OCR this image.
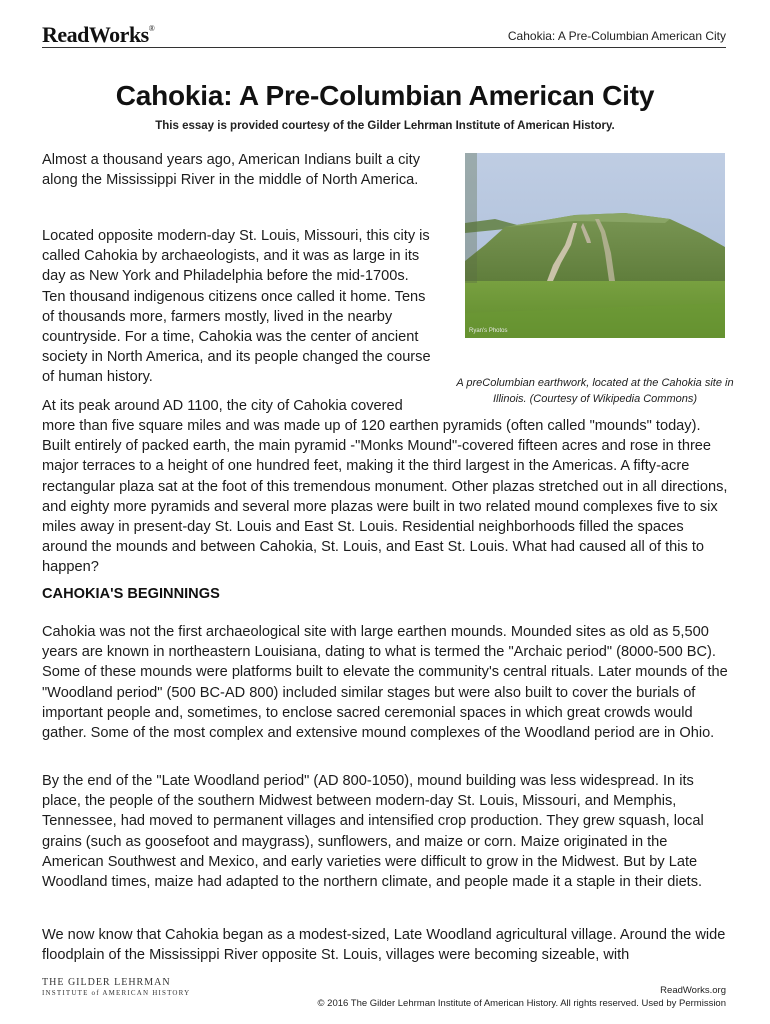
ReadWorks®
Cahokia: A Pre-Columbian American City
Cahokia: A Pre-Columbian American City

This essay is provided courtesy of the Gilder Lehrman Institute of American History.

Ryan's Photos
A preColumbian earthwork, located at the Cahokia site in Illinois. (Courtesy of Wikipedia Commons)

Almost a thousand years ago, American Indians built a city along the Mississippi River in the middle of North America.

Located opposite modern-day St. Louis, Missouri, this city is called Cahokia by archaeologists, and it was as large in its day as New York and Philadelphia before the mid-1700s. Ten thousand indigenous citizens once called it home. Tens of thousands more, farmers mostly, lived in the nearby countryside. For a time, Cahokia was the center of ancient society in North America, and its people changed the course of human history.

At its peak around AD 1100, the city of Cahokia covered

more than five square miles and was made up of 120 earthen pyramids (often called "mounds" today). Built entirely of packed earth, the main pyramid -"Monks Mound"-covered fifteen acres and rose in three major terraces to a height of one hundred feet, making it the third largest in the Americas. A fifty-acre rectangular plaza sat at the foot of this tremendous monument. Other plazas stretched out in all directions, and eighty more pyramids and several more plazas were built in two related mound complexes five to six miles away in present-day St. Louis and East St. Louis. Residential neighborhoods filled the spaces around the mounds and between Cahokia, St. Louis, and East St. Louis. What had caused all of this to happen?

CAHOKIA'S BEGINNINGS

Cahokia was not the first archaeological site with large earthen mounds. Mounded sites as old as 5,500 years are known in northeastern Louisiana, dating to what is termed the "Archaic period" (8000-500 BC). Some of these mounds were platforms built to elevate the community's central rituals. Later mounds of the "Woodland period" (500 BC-AD 800) included similar stages but were also built to cover the burials of important people and, sometimes, to enclose sacred ceremonial spaces in which great crowds would gather. Some of the most complex and extensive mound complexes of the Woodland period are in Ohio.

By the end of the "Late Woodland period" (AD 800-1050), mound building was less widespread. In its place, the people of the southern Midwest between modern-day St. Louis, Missouri, and Memphis, Tennessee, had moved to permanent villages and intensified crop production. They grew squash, local grains (such as goosefoot and maygrass), sunflowers, and maize or corn. Maize originated in the American Southwest and Mexico, and early varieties were difficult to grow in the Midwest. But by Late Woodland times, maize had adapted to the northern climate, and people made it a staple in their diets.

We now know that Cahokia began as a modest-sized, Late Woodland agricultural village. Around the wide floodplain of the Mississippi River opposite St. Louis, villages were becoming sizeable, with

THE GILDER LEHRMAN
INSTITUTE of AMERICAN HISTORY	ReadWorks.org
© 2016 The Gilder Lehrman Institute of American History. All rights reserved. Used by Permission
